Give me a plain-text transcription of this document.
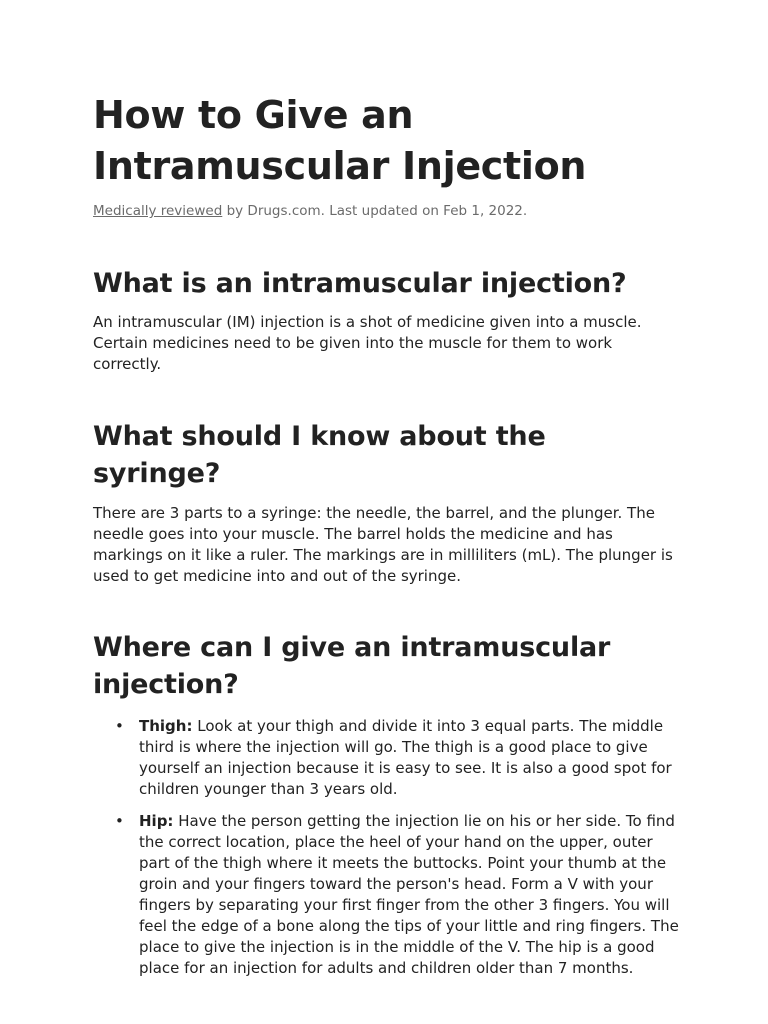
How to Give an Intramuscular Injection
Medically reviewed by Drugs.com. Last updated on Feb 1, 2022.
What is an intramuscular injection?

An intramuscular (IM) injection is a shot of medicine given into a muscle. Certain medicines need to be given into the muscle for them to work correctly.

What should I know about the syringe?

There are 3 parts to a syringe: the needle, the barrel, and the plunger. The needle goes into your muscle. The barrel holds the medicine and has markings on it like a ruler. The markings are in milliliters (mL). The plunger is used to get medicine into and out of the syringe.

Where can I give an intramuscular injection?
• Thigh: Look at your thigh and divide it into 3 equal parts. The middle third is where the injection will go. The thigh is a good place to give yourself an injection because it is easy to see. It is also a good spot for children younger than 3 years old.
• Hip: Have the person getting the injection lie on his or her side. To find the correct location, place the heel of your hand on the upper, outer part of the thigh where it meets the buttocks. Point your thumb at the groin and your fingers toward the person's head. Form a V with your fingers by separating your first finger from the other 3 fingers. You will feel the edge of a bone along the tips of your little and ring fingers. The place to give the injection is in the middle of the V. The hip is a good place for an injection for adults and children older than 7 months.
